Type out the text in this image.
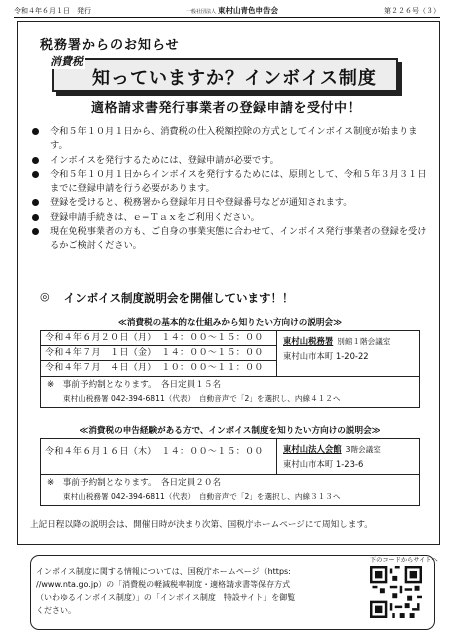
令和４年６月１日　発行	一般社団法人 東村山青色申告会	第２２６号（３）
税務署からのお知らせ
消費税
知っていますか？インボイス制度
適格請求書発行事業者の登録申請を受付中！
令和５年１０月１日から、消費税の仕入税額控除の方式としてインボイス制度が始まります。
インボイスを発行するためには、登録申請が必要です。
令和５年１０月１日からインボイスを発行するためには、原則として、令和５年３月３１日までに登録申請を行う必要があります。
登録を受けると、税務署から登録年月日や登録番号などが通知されます。
登録申請手続きは、ｅ−Ｔａｘをご利用ください。
現在免税事業者の方も、ご自身の事業実態に合わせて、インボイス発行事業者の登録を受けるかご検討ください。
◎ インボイス制度説明会を開催しています！！
≪消費税の基本的な仕組みから知りたい方向けの説明会≫
令和４年６月２０日（月）　１４：００～１５：００
令和４年７月　１日（金）　１４：００～１５：００
令和４年７月　４日（月）　１０：００～１１：００
東村山税務署 別館１階会議室
東村山市本町 1-20-22
※　事前予約制となります。　各日定員１５名
東村山税務署 042-394-6811（代表）　自動音声で「2」を選択し、内線４１２へ
≪消費税の申告経験がある方で、インボイス制度を知りたい方向けの説明会≫
令和４年６月１６日（木）　１４：００～１５：００	東村山法人会館 3階会議室
東村山市本町 1-23-6
※　事前予約制となります。　各日定員２０名
東村山税務署 042-394-6811（代表）　自動音声で「2」を選択し、内線３１３へ
上記日程以降の説明会は、開催日時が決まり次第、国税庁ホームページにて周知します。
インボイス制度に関する情報については、国税庁ホームページ（https:
//www.nta.go.jp）の「消費税の軽減税率制度・適格請求書等保存方式
（いわゆるインボイス制度）」の「インボイス制度　特設サイト」を御覧
ください。
下のコードからサイトへ
